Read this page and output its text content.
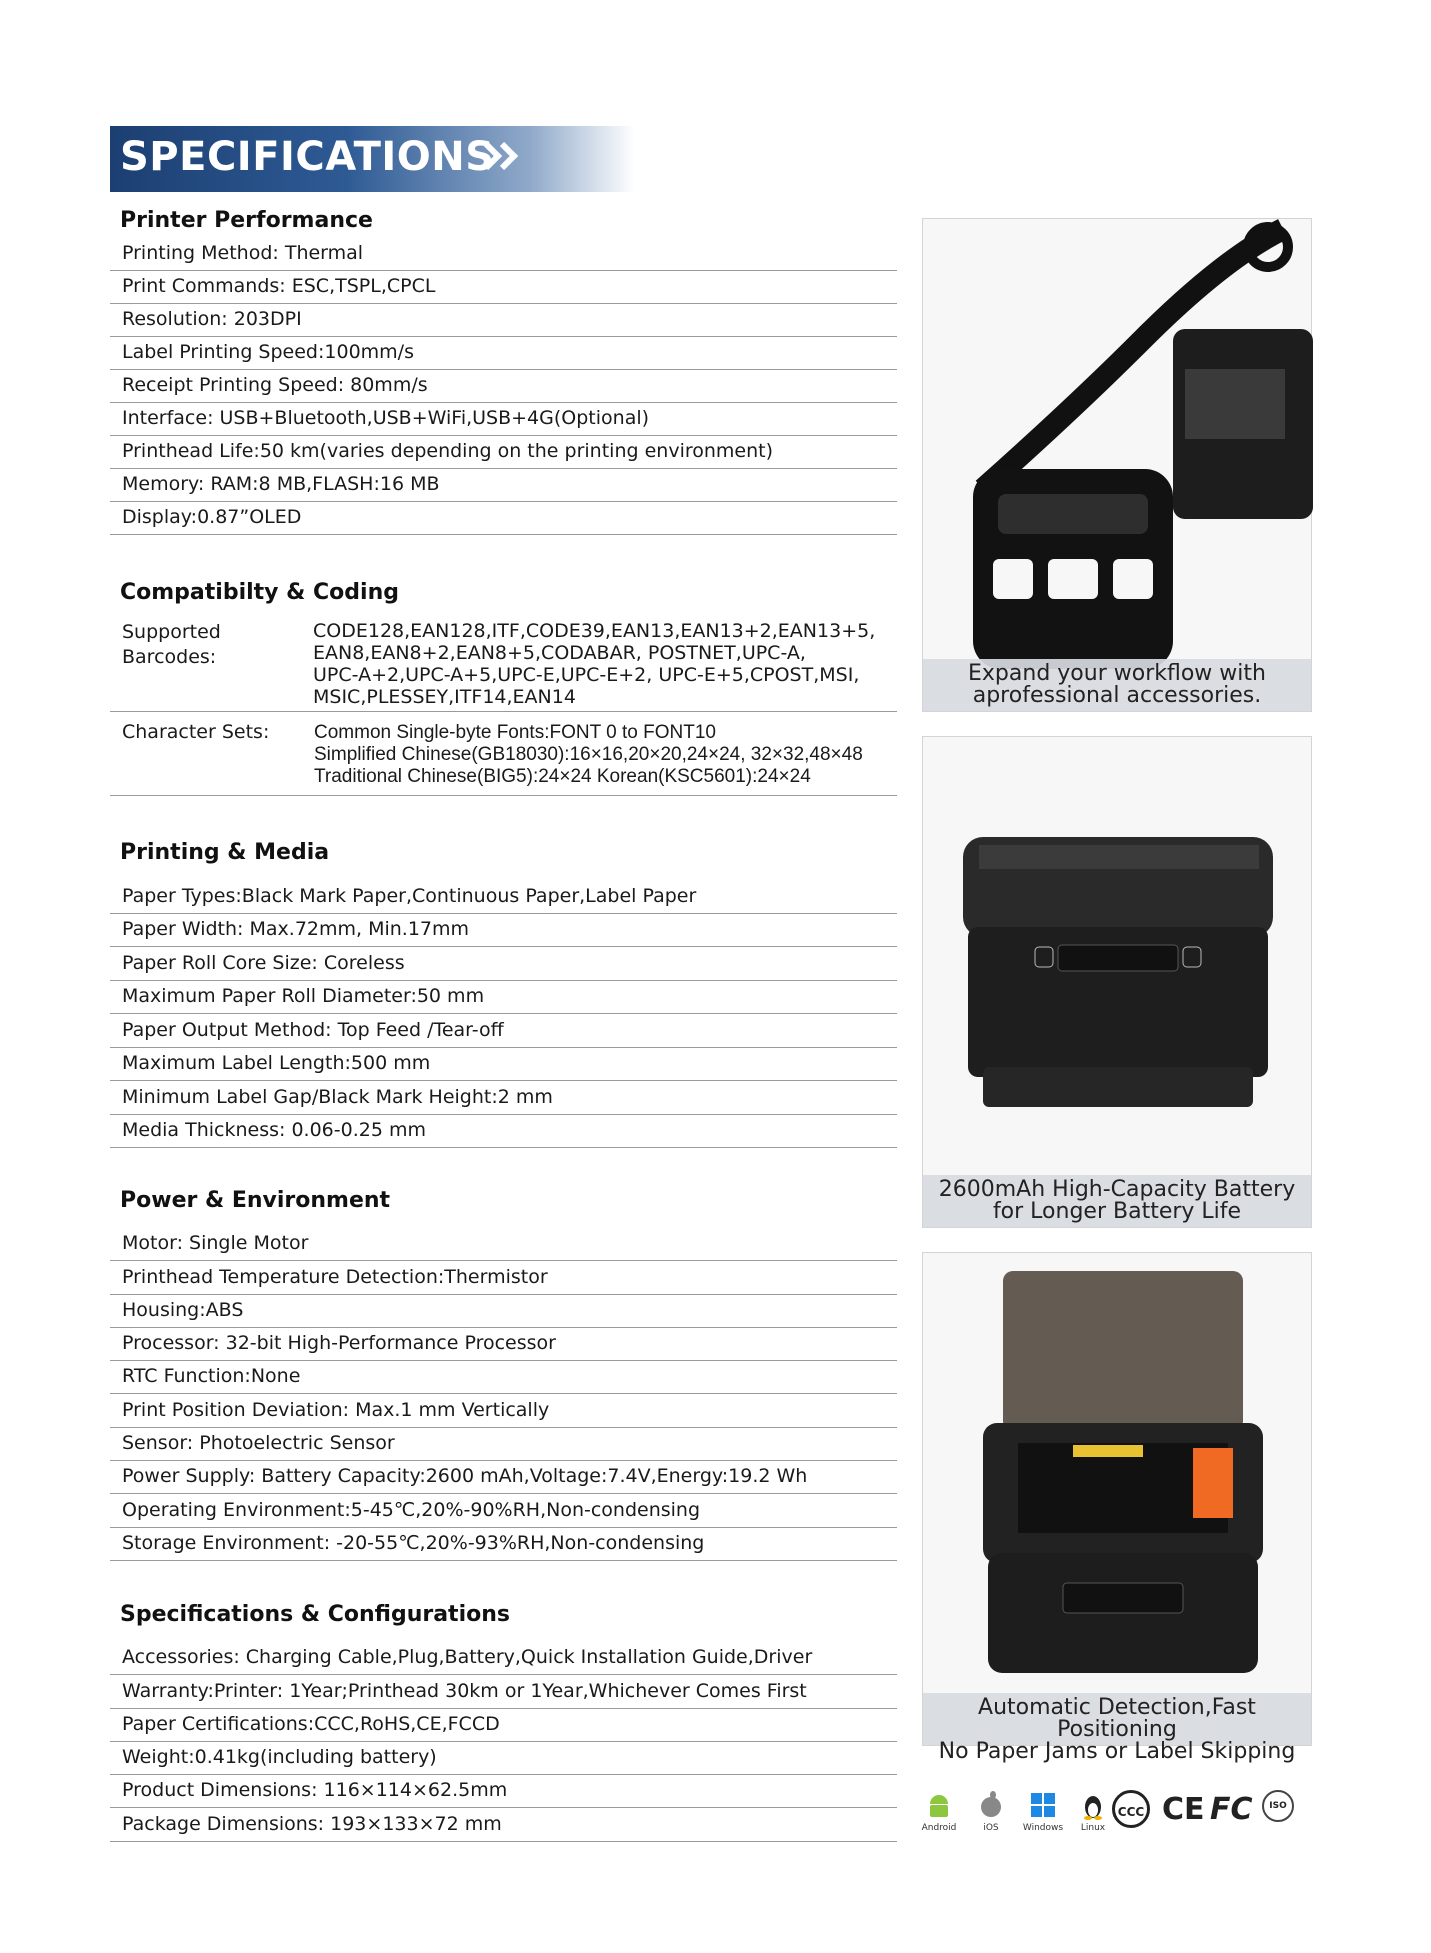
SPECIFICATIONS
Printer Performance
Printing Method: Thermal
Print Commands: ESC,TSPL,CPCL
Resolution: 203DPI
Label Printing Speed:100mm/s
Receipt Printing Speed: 80mm/s
Interface: USB+Bluetooth,USB+WiFi,USB+4G(Optional)
Printhead Life:50 km(varies depending on the printing environment)
Memory: RAM:8 MB,FLASH:16 MB
Display:0.87”OLED
Compatibilty & Coding
Supported
Barcodes:
CODE128,EAN128,ITF,CODE39,EAN13,EAN13+2,EAN13+5,
EAN8,EAN8+2,EAN8+5,CODABAR, POSTNET,UPC-A,
UPC-A+2,UPC-A+5,UPC-E,UPC-E+2, UPC-E+5,CPOST,MSI,
MSIC,PLESSEY,ITF14,EAN14
Character Sets: Common Single-byte Fonts:FONT 0 to FONT10
Simplified Chinese(GB18030):16×16,20×20,24×24, 32×32,48×48
Traditional Chinese(BIG5):24×24 Korean(KSC5601):24×24
Printing & Media
Paper Types:Black Mark Paper,Continuous Paper,Label Paper
Paper Width: Max.72mm, Min.17mm
Paper Roll Core Size: Coreless
Maximum Paper Roll Diameter:50 mm
Paper Output Method: Top Feed /Tear-off
Maximum Label Length:500 mm
Minimum Label Gap/Black Mark Height:2 mm
Media Thickness: 0.06-0.25 mm
Power & Environment
Motor: Single Motor
Printhead Temperature Detection:Thermistor
Housing:ABS
Processor: 32-bit High-Performance Processor
RTC Function:None
Print Position Deviation: Max.1 mm Vertically
Sensor: Photoelectric Sensor
Power Supply: Battery Capacity:2600 mAh,Voltage:7.4V,Energy:19.2 Wh
Operating Environment:5-45℃,20%-90%RH,Non-condensing
Storage Environment: -20-55℃,20%-93%RH,Non-condensing
Specifications & Configurations
Accessories: Charging Cable,Plug,Battery,Quick Installation Guide,Driver
Warranty:Printer: 1Year;Printhead 30km or 1Year,Whichever Comes First
Paper Certifications:CCC,RoHS,CE,FCCD
Weight:0.41kg(including battery)
Product Dimensions: 116×114×62.5mm
Package Dimensions: 193×133×72 mm
Expand your workflow with
aprofessional accessories.
2600mAh High-Capacity Battery
for Longer Battery Life
Automatic Detection,Fast Positioning
No Paper Jams or Label Skipping
Android	iOS	Windows	Linux
CCC CE FC	ISO
